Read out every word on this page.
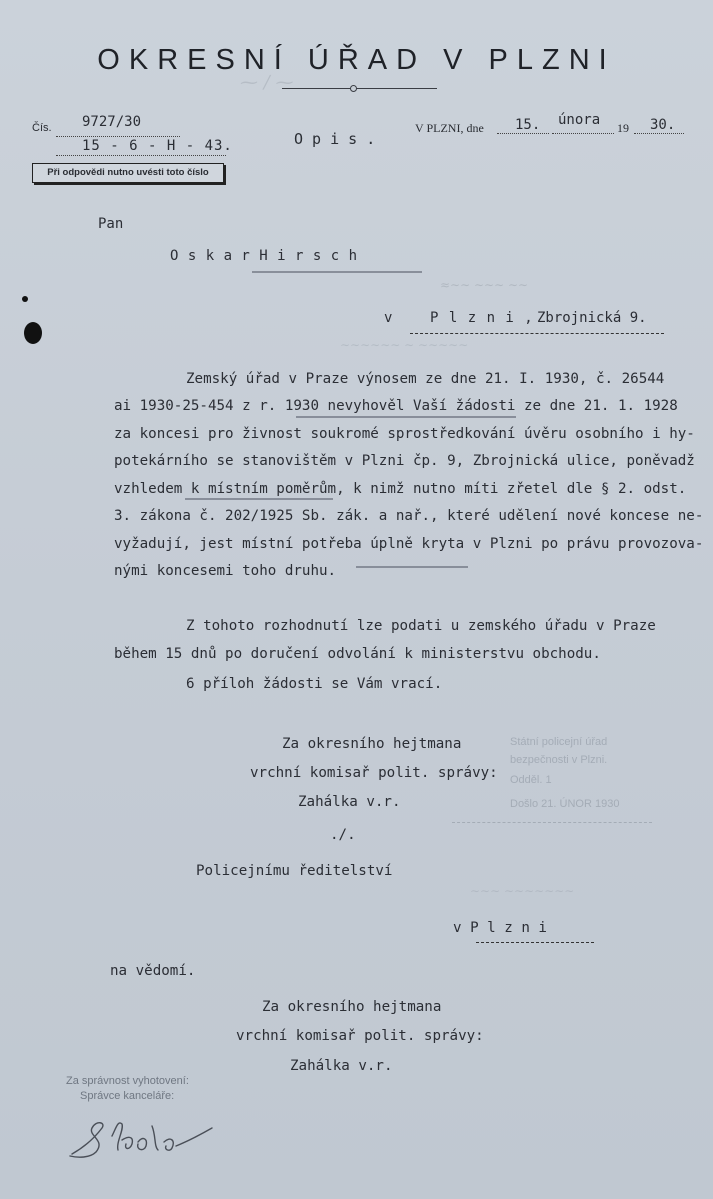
OKRESNÍ ÚŘAD V PLZNI
⁓ ∕ ⁓
Čís. 9727/30
15 - 6 - H - 43.
Při odpovědi nutno uvésti toto číslo
O p i s .
V PLZNI, dne 15. února 19 30.
Pan
O s k a r H i r s c h
≈∼∼ ∼∼∼ ∼∼
v	P l z n i , Zbrojnická 9.
∼∼∼∼∼∼ ∼ ∼∼∼∼∼
Zemský úřad v Praze výnosem ze dne 21. I. 1930, č. 26544
ai 1930-25-454 z r. 1930 nevyhověl Vaší žádosti ze dne 21. 1. 1928
za koncesi pro živnost soukromé sprostředkování úvěru osobního i hy-
potekárního se stanovištěm v Plzni čp. 9, Zbrojnická ulice, poněvadž
vzhledem k místním poměrům, k nimž nutno míti zřetel dle § 2. odst.
3. zákona č. 202/1925 Sb. zák. a nař., které udělení nové koncese ne-
vyžadují, jest místní potřeba úplně kryta v Plzni po právu provozova-
nými koncesemi toho druhu.
Z tohoto rozhodnutí lze podati u zemského úřadu v Praze
během 15 dnů po doručení odvolání k ministerstvu obchodu.
6 příloh žádosti se Vám vrací.
Za okresního hejtmana
vrchní komisař polit. správy:
Zahálka v.r.
./.
Státní policejní úřad
bezpečnosti v Plzni.
Odděl. 1
Došlo 21. ÚNOR 1930
Policejnímu ředitelství
∼∼∼ ∼∼∼∼∼∼∼
v P l z n i
na vědomí.
Za okresního hejtmana
vrchní komisař polit. správy:
Zahálka v.r.
Za správnost vyhotovení:
Správce kanceláře:
